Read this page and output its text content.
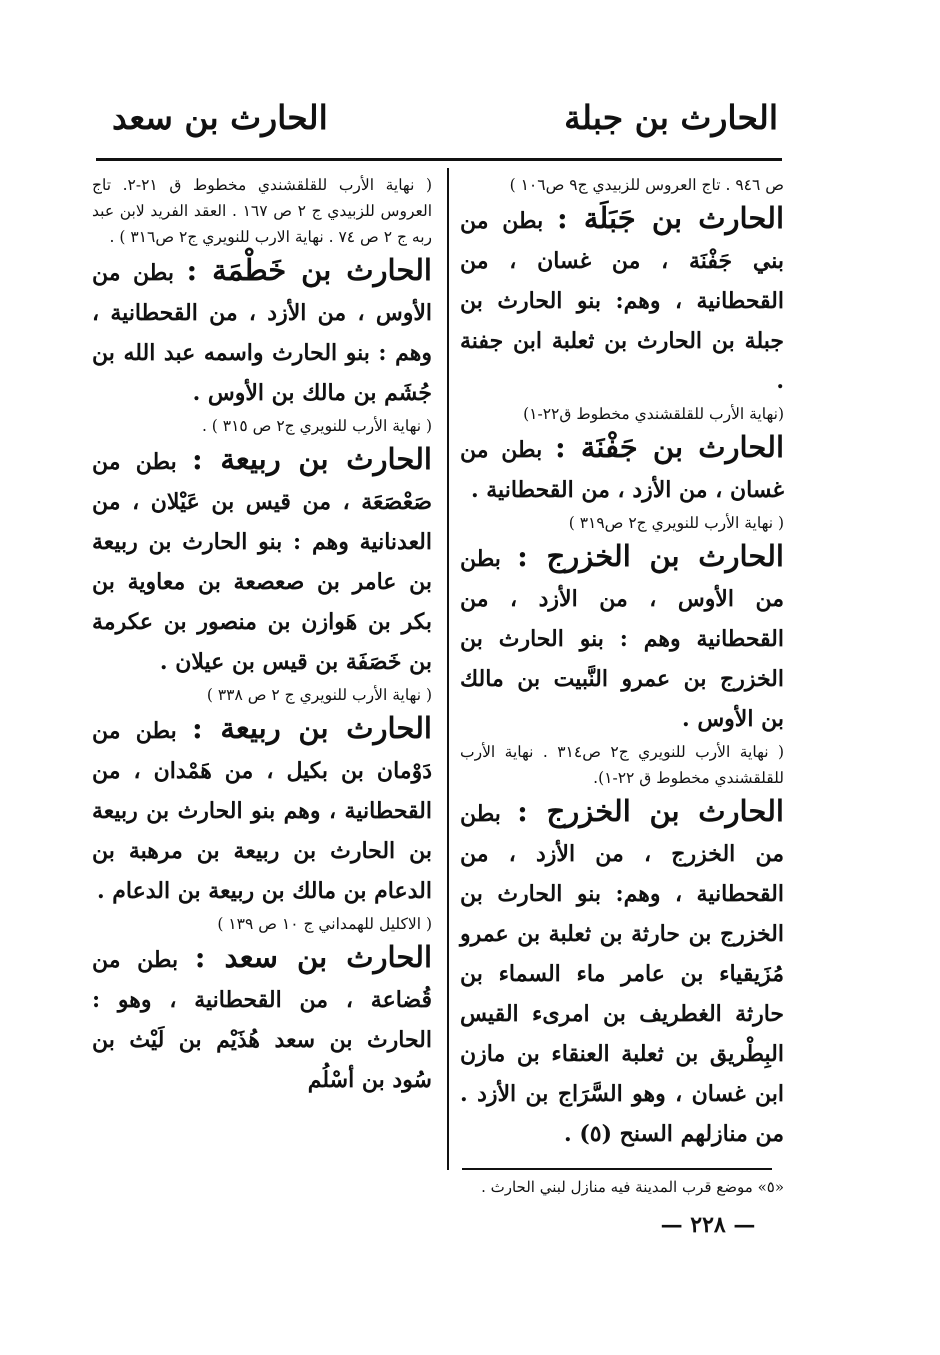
الحارث بن جبلة
الحارث بن سعد

ص ٩٤٦ . تاج العروس للزبيدي ج٩ ص١٠٦ )

الحارث بن جَبَلَة : بطن من بني جَفْنَة ، من غسان ، من القحطانية ، وهم: بنو الحارث بن جبلة بن الحارث بن ثعلبة ابن جفنة .

(نهاية الأرب للقلقشندي مخطوط ق٢٢-١)

الحارث بن جَفْنَة : بطن من غسان ، من الأزد ، من القحطانية .

( نهاية الأرب للنويري ج٢ ص٣١٩ )

الحارث بن الخزرج : بطن من الأوس ، من الأزد ، من القحطانية وهم : بنو الحارث بن الخزرج بن عمرو النَّبيت بن مالك بن الأوس .

( نهاية الأرب للنويري ج٢ ص٣١٤ . نهاية الأرب للقلقشندي مخطوط ق ٢٢-١).

الحارث بن الخزرج : بطن من الخزرج ، من الأزد ، من القحطانية ، وهم: بنو الحارث بن الخزرج بن حارثة بن ثعلبة بن عمرو مُزَيقياء بن عامر ماء السماء بن حارثة الغطريف بن امرىء القيس البِطْريق بن ثعلبة العنقاء بن مازن ابن غسان ، وهو السَّرَاج بن الأزد . من منازلهم السنح (٥) .

( نهاية الأرب للقلقشندي مخطوط ق ٢١-٢. تاج العروس للزبيدي ج ٢ ص ١٦٧ . العقد الفريد لابن عبد ربه ج ٢ ص ٧٤ . نهاية الارب للنويري ج٢ ص٣١٦ ) .

الحارث بن خَطْمَة : بطن من الأوس ، من الأزد ، من القحطانية ، وهم : بنو الحارث واسمه عبد الله بن جُشَم بن مالك بن الأوس .

( نهاية الأرب للنويري ج٢ ص ٣١٥ ) .

الحارث بن ربيعة : بطن من صَعْصَعَة ، من قيس بن عَيْلان ، من العدنانية وهم : بنو الحارث بن ربيعة بن عامر بن صعصعة بن معاوية بن بكر بن هَوازن بن منصور بن عكرمة بن خَصَفَة بن قيس بن عيلان .

( نهاية الأرب للنويري ج ٢ ص ٣٣٨ )

الحارث بن ربيعة : بطن من دَوْمان بن بكيل ، من هَمْدان ، من القحطانية ، وهم بنو الحارث بن ربيعة بن الحارث بن ربيعة بن مرهبة بن الدعام بن مالك بن ربيعة بن الدعام .

( الاكليل للهمداني ج ١٠ ص ١٣٩ )

الحارث بن سعد : بطن من قُضاعة ، من القحطانية ، وهو : الحارث بن سعد هُذَيْم بن لَيْث بن سُود بن أسْلُم

«٥» موضع قرب المدينة فيه منازل لبني الحارث .
— ٢٢٨ —
